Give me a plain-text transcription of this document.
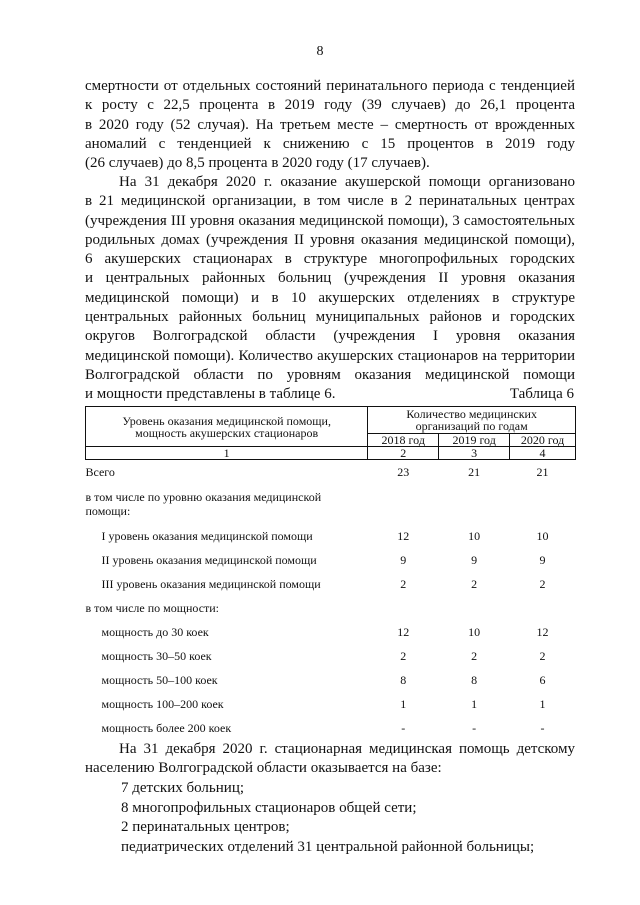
8

смертности от отдельных состояний перинатального периода с тенденцией
к росту с 22,5 процента в 2019 году (39 случаев) до 26,1 процента
в 2020 году (52 случая). На третьем месте – смертность от врожденных
аномалий с тенденцией к снижению с 15 процентов в 2019 году
(26 случаев) до 8,5 процента в 2020 году (17 случаев).

На 31 декабря 2020 г. оказание акушерской помощи организовано
в 21 медицинской организации, в том числе в 2 перинатальных центрах
(учреждения III уровня оказания медицинской помощи), 3 самостоятельных
родильных домах (учреждения II уровня оказания медицинской помощи),
6 акушерских стационарах в структуре многопрофильных городских
и центральных районных больниц (учреждения II уровня оказания
медицинской помощи) и в 10 акушерских отделениях в структуре
центральных районных больниц муниципальных районов и городских
округов Волгоградской области (учреждения I уровня оказания
медицинской помощи). Количество акушерских стационаров на территории
Волгоградской области по уровням оказания медицинской помощи
и мощности представлены в таблице 6.	Таблица 6
Уровень оказания медицинской помощи, мощность акушерских стационаров	Количество медицинских организаций по годам		
	2018 год	2019 год	2020 год
1	2	3	4
Всего	23	21	21
в том числе по уровню оказания медицинской помощи:			
I уровень оказания медицинской помощи	12	10	10
II уровень оказания медицинской помощи	9	9	9
III уровень оказания медицинской помощи	2	2	2
в том числе по мощности:			
мощность до 30 коек	12	10	12
мощность 30–50 коек	2	2	2
мощность 50–100 коек	8	8	6
мощность 100–200 коек	1	1	1
мощность более 200 коек	-	-	-

На 31 декабря 2020 г. стационарная медицинская помощь детскому
населению Волгоградской области оказывается на базе:

7 детских больниц;
8 многопрофильных стационаров общей сети;
2 перинатальных центров;
педиатрических отделений 31 центральной районной больницы;
